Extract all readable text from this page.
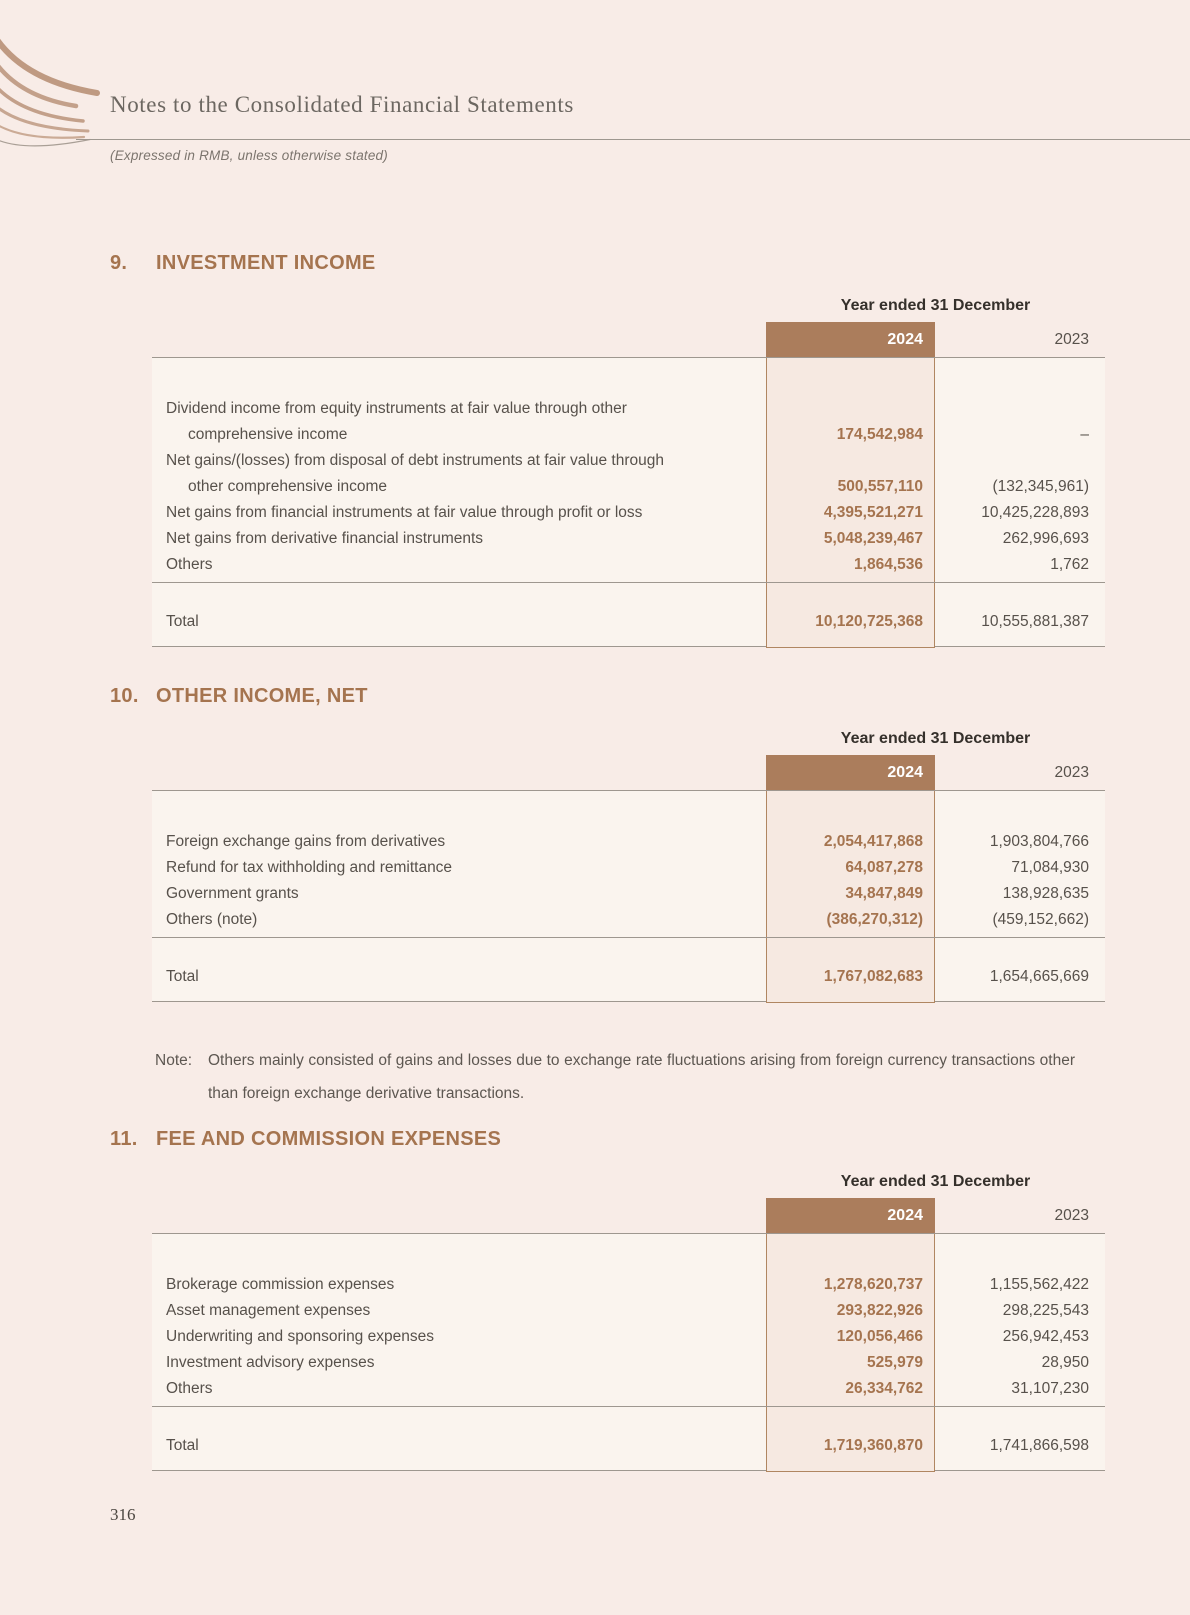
Notes to the Consolidated Financial Statements
(Expressed in RMB, unless otherwise stated)
9.	INVESTMENT INCOME
Year ended 31 December
2024	2023
Dividend income from equity instruments at fair value through other
comprehensive income	174,542,984	–
Net gains/(losses) from disposal of debt instruments at fair value through
other comprehensive income	500,557,110	(132,345,961)
Net gains from financial instruments at fair value through profit or loss	4,395,521,271	10,425,228,893
Net gains from derivative financial instruments	5,048,239,467	262,996,693
Others	1,864,536	1,762
Total	10,120,725,368	10,555,881,387
10. OTHER INCOME, NET
Year ended 31 December
2024	2023
Foreign exchange gains from derivatives	2,054,417,868	1,903,804,766
Refund for tax withholding and remittance	64,087,278	71,084,930
Government grants	34,847,849	138,928,635
Others (note)	(386,270,312)	(459,152,662)
Total	1,767,082,683	1,654,665,669
Note:	Others mainly consisted of gains and losses due to exchange rate fluctuations arising from foreign currency transactions other than foreign exchange derivative transactions.
11. FEE AND COMMISSION EXPENSES
Year ended 31 December
2024	2023
Brokerage commission expenses	1,278,620,737	1,155,562,422
Asset management expenses	293,822,926	298,225,543
Underwriting and sponsoring expenses	120,056,466	256,942,453
Investment advisory expenses	525,979	28,950
Others	26,334,762	31,107,230
Total	1,719,360,870	1,741,866,598
316
